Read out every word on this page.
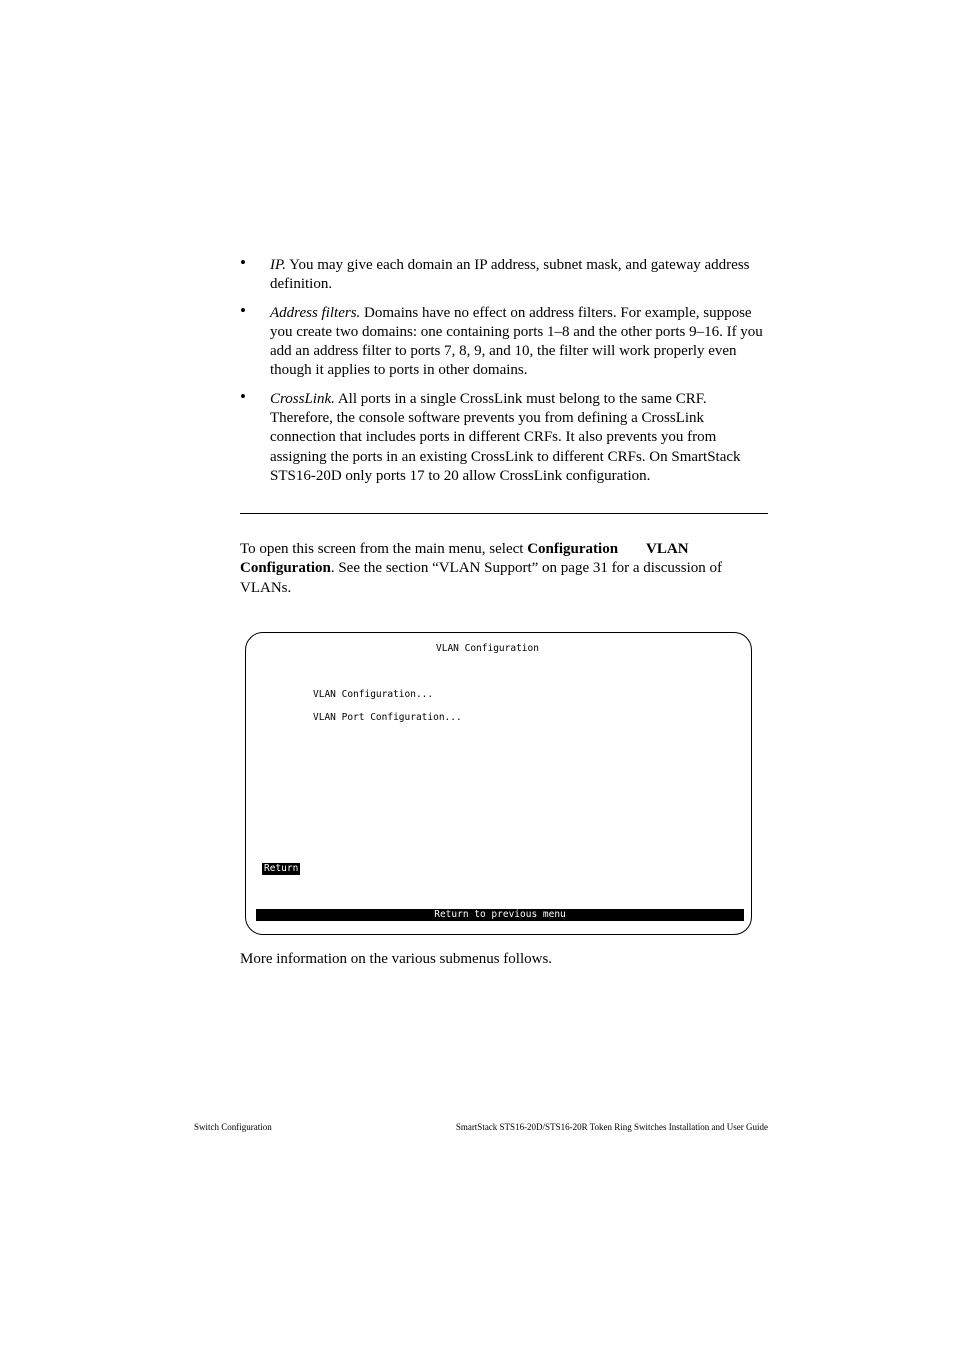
• IP. You may give each domain an IP address, subnet mask, and gateway address definition.
• Address filters. Domains have no effect on address filters. For example, suppose you create two domains: one containing ports 1–8 and the other ports 9–16. If you add an address filter to ports 7, 8, 9, and 10, the filter will work properly even though it applies to ports in other domains.
• CrossLink. All ports in a single CrossLink must belong to the same CRF. Therefore, the console software prevents you from defining a CrossLink connection that includes ports in different CRFs. It also prevents you from assigning the ports in an existing CrossLink to different CRFs. On SmartStack STS16-20D only ports 17 to 20 allow CrossLink configuration.
To open this screen from the main menu, select Configuration VLAN Configuration. See the section “VLAN Support” on page 31 for a discussion of VLANs.
VLAN Configuration
VLAN Configuration...
VLAN Port Configuration...
Return
Return to previous menu
More information on the various submenus follows.
Switch Configuration	SmartStack STS16-20D/STS16-20R Token Ring Switches Installation and User Guide
